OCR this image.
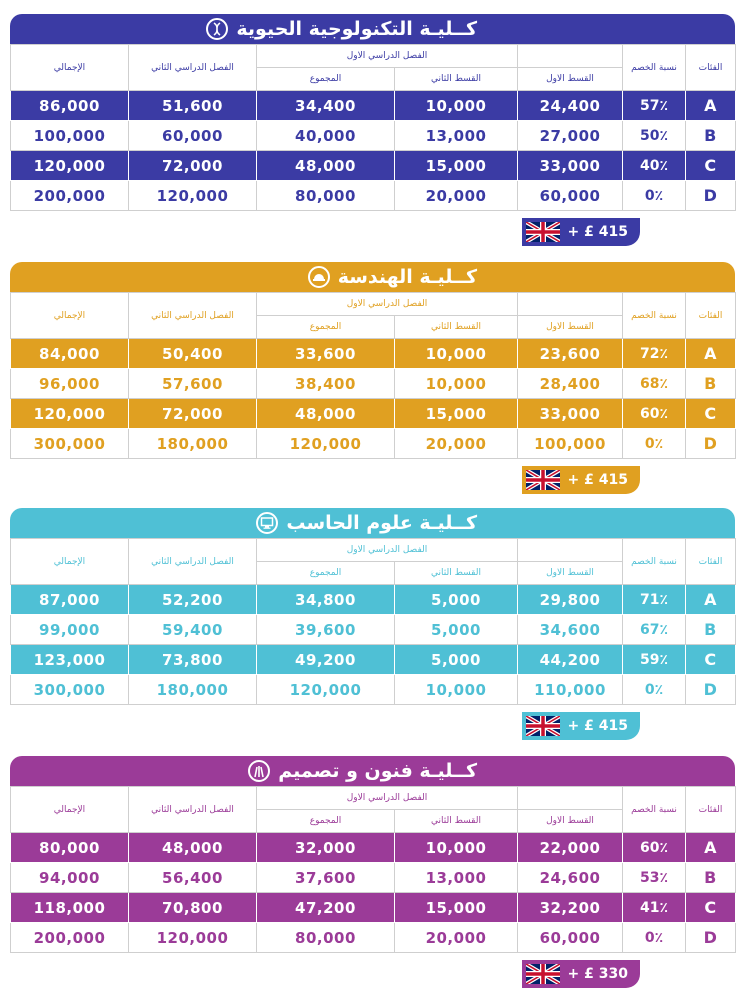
كــليـة التكنولوجية الحيوية
الإجمالي	الفصل الدراسي الثاني	الفصل الدراسي الاول			نسبة الخصم	الفئات
		المجموع	القسط الثاني	القسط الاول		
86,000	51,600	34,400	10,000	24,400	57٪	A
100,000	60,000	40,000	13,000	27,000	50٪	B
120,000	72,000	48,000	15,000	33,000	40٪	C
200,000	120,000	80,000	20,000	60,000	0٪	D
+ £ 415
كــليـة الهندسة
الإجمالي	الفصل الدراسي الثاني	الفصل الدراسي الاول			نسبة الخصم	الفئات
		المجموع	القسط الثاني	القسط الاول		
84,000	50,400	33,600	10,000	23,600	72٪	A
96,000	57,600	38,400	10,000	28,400	68٪	B
120,000	72,000	48,000	15,000	33,000	60٪	C
300,000	180,000	120,000	20,000	100,000	0٪	D
+ £ 415
كــليـة علوم الحاسب
الإجمالي	الفصل الدراسي الثاني	الفصل الدراسي الاول			نسبة الخصم	الفئات
		المجموع	القسط الثاني	القسط الاول		
87,000	52,200	34,800	5,000	29,800	71٪	A
99,000	59,400	39,600	5,000	34,600	67٪	B
123,000	73,800	49,200	5,000	44,200	59٪	C
300,000	180,000	120,000	10,000	110,000	0٪	D
+ £ 415
كــليـة فنون و تصميم
الإجمالي	الفصل الدراسي الثاني	الفصل الدراسي الاول			نسبة الخصم	الفئات
		المجموع	القسط الثاني	القسط الاول		
80,000	48,000	32,000	10,000	22,000	60٪	A
94,000	56,400	37,600	13,000	24,600	53٪	B
118,000	70,800	47,200	15,000	32,200	41٪	C
200,000	120,000	80,000	20,000	60,000	0٪	D
+ £ 330
